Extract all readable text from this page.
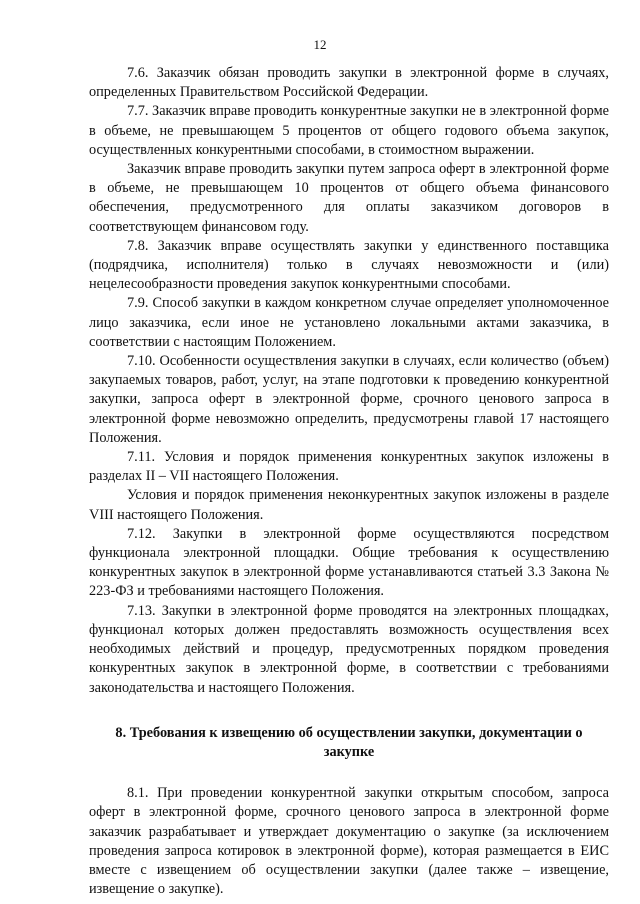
12

7.6. Заказчик обязан проводить закупки в электронной форме в случаях, определенных Правительством Российской Федерации.

7.7. Заказчик вправе проводить конкурентные закупки не в электронной форме в объеме, не превышающем 5 процентов от общего годового объема закупок, осуществленных конкурентными способами, в стоимостном выражении.

Заказчик вправе проводить закупки путем запроса оферт в электронной форме в объеме, не превышающем 10 процентов от общего объема финансового обеспечения, предусмотренного для оплаты заказчиком договоров в соответствующем финансовом году.

7.8. Заказчик вправе осуществлять закупки у единственного поставщика (подрядчика, исполнителя) только в случаях невозможности и (или) нецелесообразности проведения закупок конкурентными способами.

7.9. Способ закупки в каждом конкретном случае определяет уполномоченное лицо заказчика, если иное не установлено локальными актами заказчика, в соответствии с настоящим Положением.

7.10. Особенности осуществления закупки в случаях, если количество (объем) закупаемых товаров, работ, услуг, на этапе подготовки к проведению конкурентной закупки, запроса оферт в электронной форме, срочного ценового запроса в электронной форме невозможно определить, предусмотрены главой 17 настоящего Положения.

7.11. Условия и порядок применения конкурентных закупок изложены в разделах II – VII настоящего Положения.

Условия и порядок применения неконкурентных закупок изложены в разделе VIII настоящего Положения.

7.12. Закупки в электронной форме осуществляются посредством функционала электронной площадки. Общие требования к осуществлению конкурентных закупок в электронной форме устанавливаются статьей 3.3 Закона № 223-ФЗ и требованиями настоящего Положения.

7.13. Закупки в электронной форме проводятся на электронных площадках, функционал которых должен предоставлять возможность осуществления всех необходимых действий и процедур, предусмотренных порядком проведения конкурентных закупок в электронной форме, в соответствии с требованиями законодательства и настоящего Положения.

8. Требования к извещению об осуществлении закупки, документации о закупке

8.1. При проведении конкурентной закупки открытым способом, запроса оферт в электронной форме, срочного ценового запроса в электронной форме заказчик разрабатывает и утверждает документацию о закупке (за исключением проведения запроса котировок в электронной форме), которая размещается в ЕИС вместе с извещением об осуществлении закупки (далее также – извещение, извещение о закупке).
